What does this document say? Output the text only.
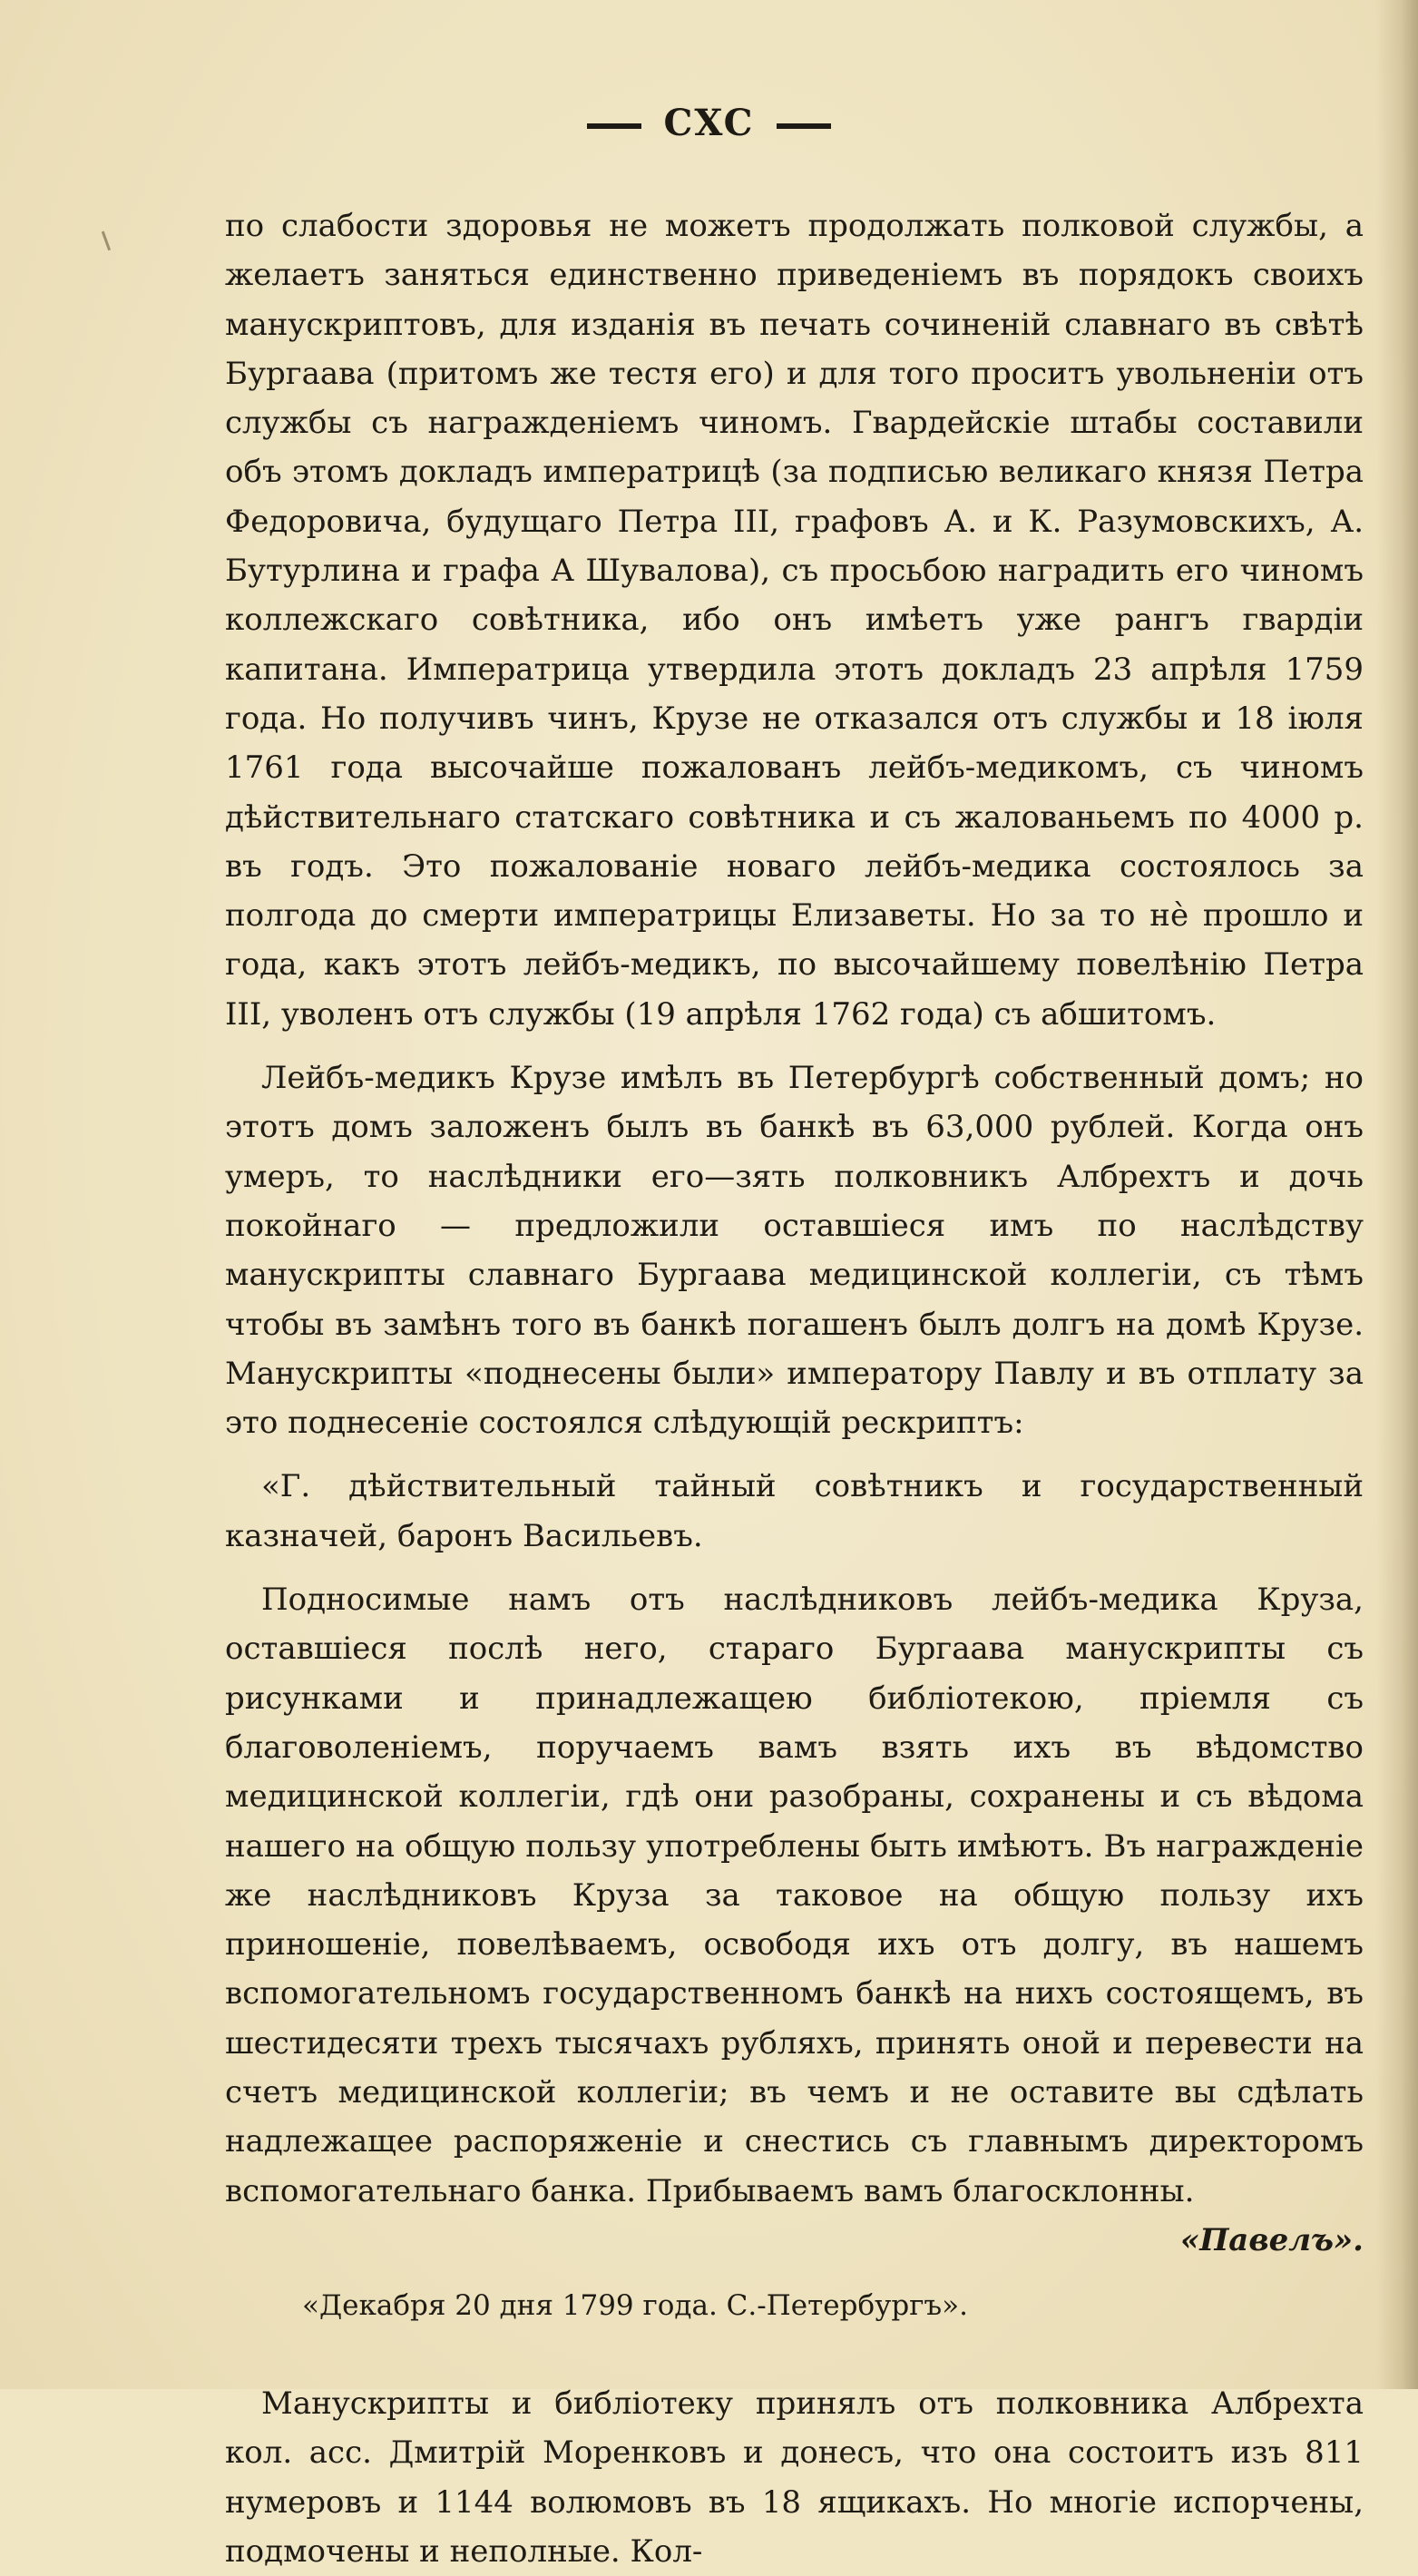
CXC

по слабости здоровья не можетъ продолжать полковой службы, а желаетъ заняться единственно приведеніемъ въ порядокъ своихъ манускриптовъ, для изданія въ печать сочиненій славнаго въ свѣтѣ Бургаава (притомъ же тестя его) и для того проситъ увольненіи отъ службы съ награжденіемъ чиномъ. Гвардейскіе штабы составили объ этомъ докладъ императрицѣ (за подписью великаго князя Петра Федоровича, будущаго Петра III, графовъ А. и К. Разумовскихъ, А. Бутурлина и графа А Шувалова), съ просьбою наградить его чиномъ коллежскаго совѣтника, ибо онъ имѣетъ уже рангъ гвардіи капитана. Императрица утвердила этотъ докладъ 23 апрѣля 1759 года. Но получивъ чинъ, Крузе не отказался отъ службы и 18 іюля 1761 года высочайше пожалованъ лейбъ-медикомъ, съ чиномъ дѣйствительнаго статскаго совѣтника и съ жалованьемъ по 4000 р. въ годъ. Это пожалованіе новаго лейбъ-медика состоялось за полгода до смерти императрицы Елизаветы. Но за то нѐ прошло и года, какъ этотъ лейбъ-медикъ, по высочайшему повелѣнію Петра III, уволенъ отъ службы (19 апрѣля 1762 года) съ абшитомъ.

Лейбъ-медикъ Крузе имѣлъ въ Петербургѣ собственный домъ; но этотъ домъ заложенъ былъ въ банкѣ въ 63,000 рублей. Когда онъ умеръ, то наслѣдники его—зять полковникъ Албрехтъ и дочь покойнаго — предложили оставшіеся имъ по наслѣдству манускрипты славнаго Бургаава медицинской коллегіи, съ тѣмъ чтобы въ замѣнъ того въ банкѣ погашенъ былъ долгъ на домѣ Крузе. Манускрипты «поднесены были» императору Павлу и въ отплату за это поднесеніе состоялся слѣдующій рескриптъ:

«Г. дѣйствительный тайный совѣтникъ и государственный казначей, баронъ Васильевъ.

Подносимые намъ отъ наслѣдниковъ лейбъ-медика Круза, оставшіеся послѣ него, стараго Бургаава манускрипты съ рисунками и принадлежащею библіотекою, пріемля съ благоволеніемъ, поручаемъ вамъ взять ихъ въ вѣдомство медицинской коллегіи, гдѣ они разобраны, сохранены и съ вѣдома нашего на общую пользу употреблены быть имѣютъ. Въ награжденіе же наслѣдниковъ Круза за таковое на общую пользу ихъ приношеніе, повелѣваемъ, освободя ихъ отъ долгу, въ нашемъ вспомогательномъ государственномъ банкѣ на нихъ состоящемъ, въ шестидесяти трехъ тысячахъ рубляхъ, принять оной и перевести на счетъ медицинской коллегіи; въ чемъ и не оставите вы сдѣлать надлежащее распоряженіе и снестись съ главнымъ директоромъ вспомогательнаго банка. Прибываемъ вамъ благосклонны.

«Павелъ».

«Декабря 20 дня 1799 года. С.-Петербургъ».

Манускрипты и библіотеку принялъ отъ полковника Албрехта кол. асс. Дмитрій Моренковъ и донесъ, что она состоитъ изъ 811 нумеровъ и 1144 волюмовъ въ 18 ящикахъ. Но многіе испорчены, подмочены и неполные. Кол-
